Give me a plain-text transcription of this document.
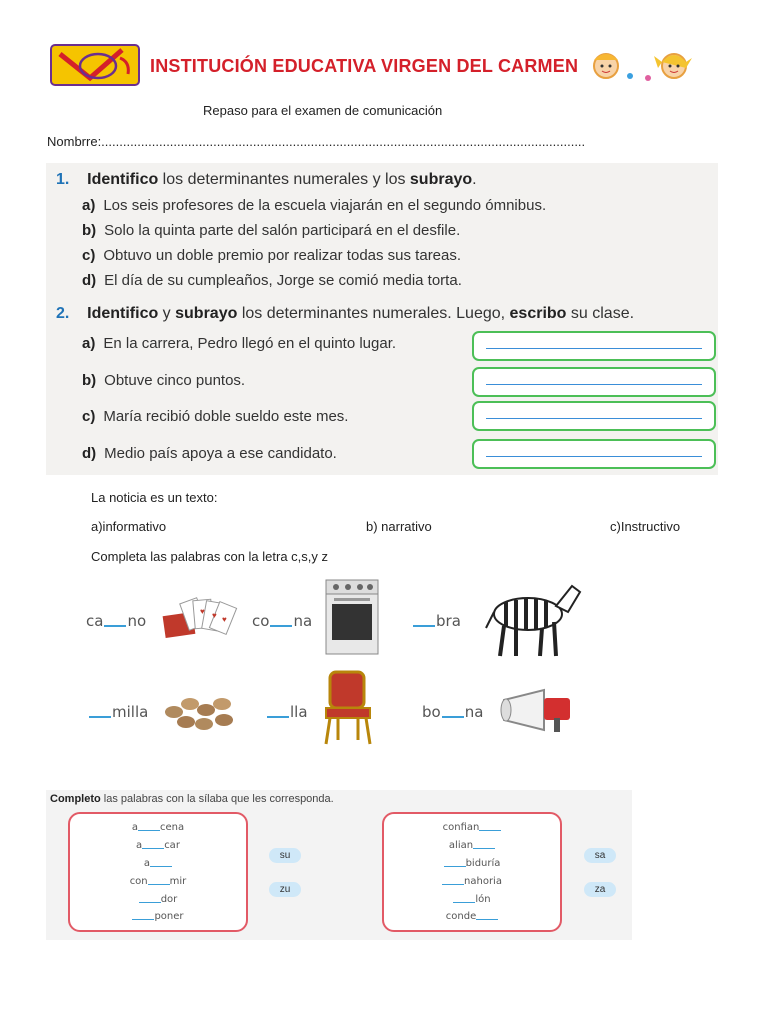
INSTITUCIÓN EDUCATIVA VIRGEN DEL CARMEN
Repaso para el examen de comunicación
Nombrre:......................................................................................................................................
1. Identifico los determinantes numerales y los subrayo.
a) Los seis profesores de la escuela viajarán en el segundo ómnibus.
b) Solo la quinta parte del salón participará en el desfile.
c) Obtuvo un doble premio por realizar todas sus tareas.
d) El día de su cumpleaños, Jorge se comió media torta.
2. Identifico y subrayo los determinantes numerales. Luego, escribo su clase.
a) En la carrera, Pedro llegó en el quinto lugar.
b) Obtuve cinco puntos.
c) María recibió doble sueldo este mes.
d) Medio país apoya a ese candidato.
La noticia es un texto:
a)informativo	b) narrativo	c)Instructivo
Completa las palabras con la letra c,s,y z
ca no
♥ ♥ ♥ co na	bra
milla	lla	bo na
Completo las palabras con la sílaba que les corresponda.
a cena
a car
a
con mir
dor
poner
su
zu
confian
alian
biduría
nahoria
lón
conde
sa
za
